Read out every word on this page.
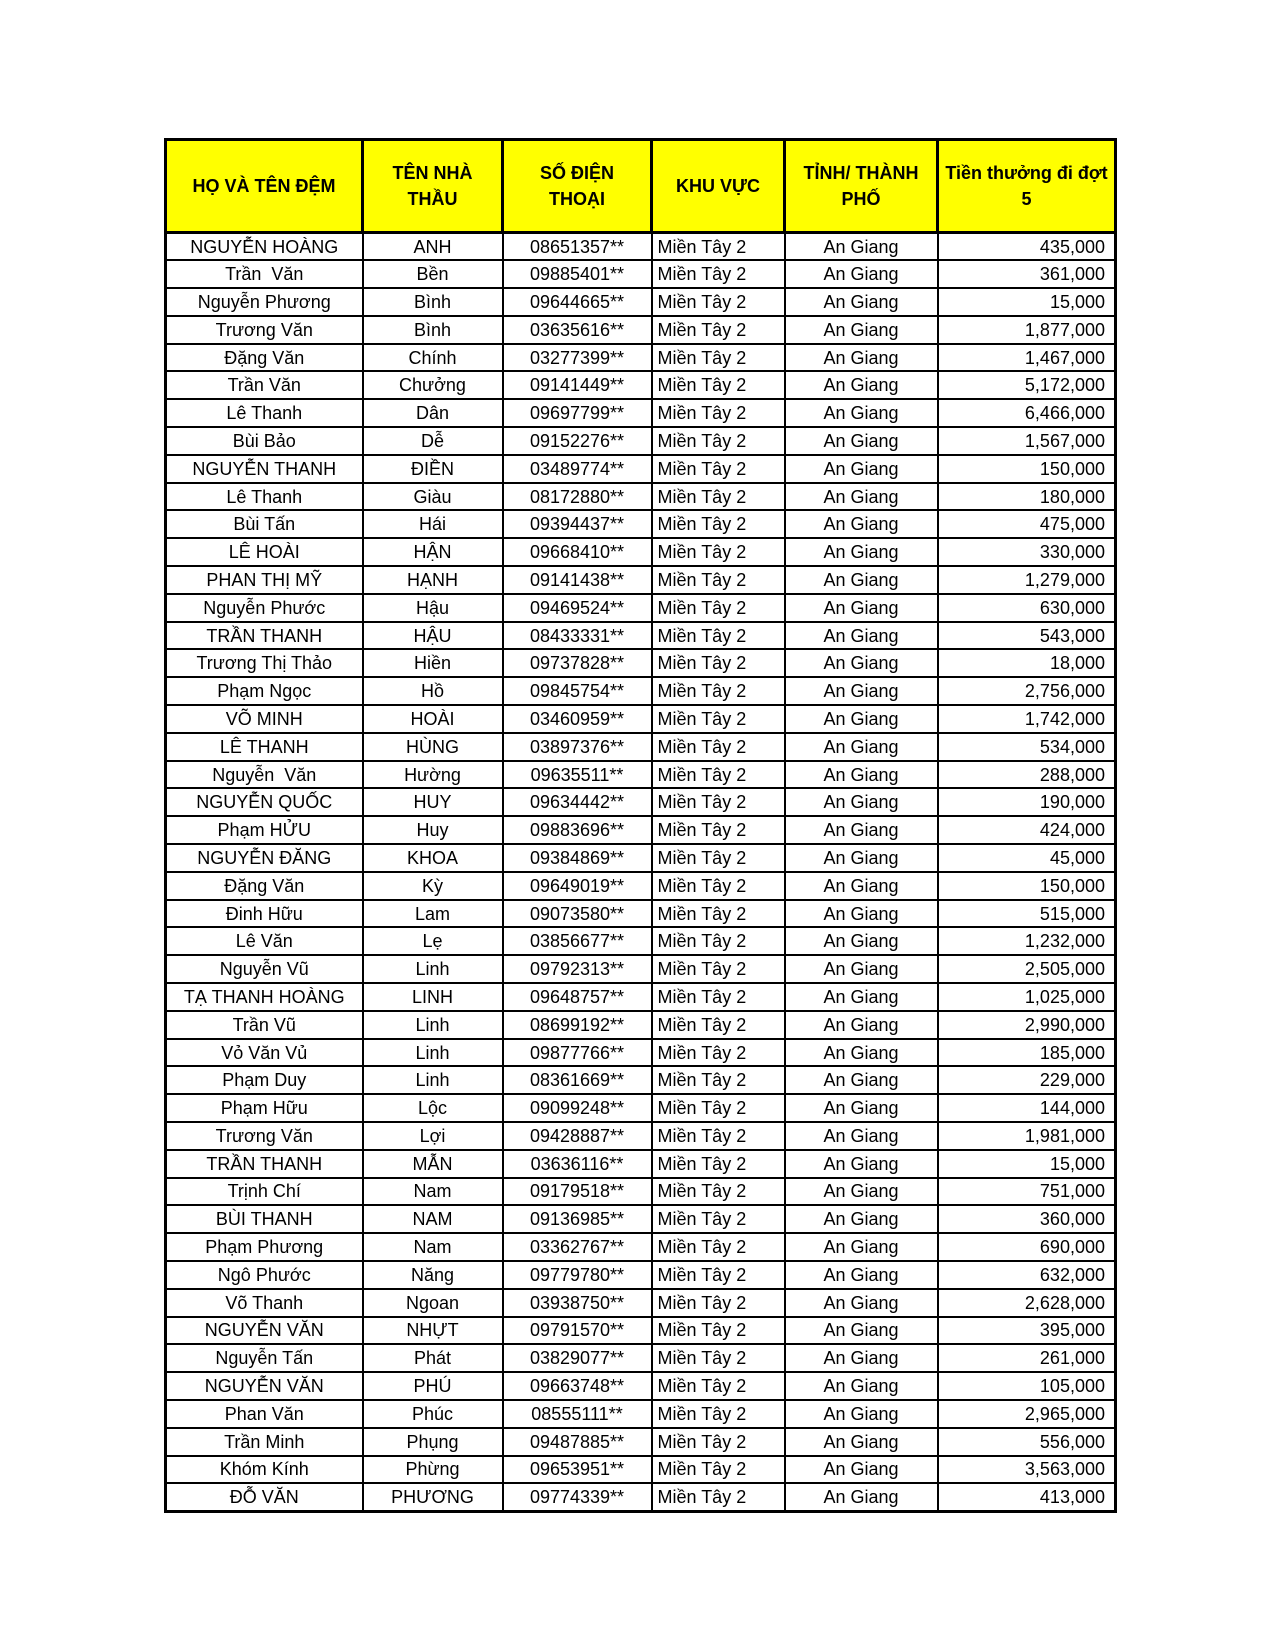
HỌ VÀ TÊN ĐỆM	TÊN NHÀ THẦU	SỐ ĐIỆN THOẠI	KHU VỰC	TỈNH/ THÀNH PHỐ	Tiền thưởng đi đợt 5
NGUYỄN HOÀNG	ANH	08651357**	Miền Tây 2	An Giang	435,000
Trần  Văn	Bền	09885401**	Miền Tây 2	An Giang	361,000
Nguyễn Phương	Bình	09644665**	Miền Tây 2	An Giang	15,000
Trương Văn	Bình	03635616**	Miền Tây 2	An Giang	1,877,000
Đặng Văn	Chính	03277399**	Miền Tây 2	An Giang	1,467,000
Trần Văn	Chưởng	09141449**	Miền Tây 2	An Giang	5,172,000
Lê Thanh	Dân	09697799**	Miền Tây 2	An Giang	6,466,000
Bùi Bảo	Dễ	09152276**	Miền Tây 2	An Giang	1,567,000
NGUYỄN THANH	ĐIỀN	03489774**	Miền Tây 2	An Giang	150,000
Lê Thanh	Giàu	08172880**	Miền Tây 2	An Giang	180,000
Bùi Tấn	Hái	09394437**	Miền Tây 2	An Giang	475,000
LÊ HOÀI	HẬN	09668410**	Miền Tây 2	An Giang	330,000
PHAN THỊ MỸ	HẠNH	09141438**	Miền Tây 2	An Giang	1,279,000
Nguyễn Phước	Hậu	09469524**	Miền Tây 2	An Giang	630,000
TRẦN THANH	HẬU	08433331**	Miền Tây 2	An Giang	543,000
Trương Thị Thảo	Hiền	09737828**	Miền Tây 2	An Giang	18,000
Phạm Ngọc	Hồ	09845754**	Miền Tây 2	An Giang	2,756,000
VÕ MINH	HOÀI	03460959**	Miền Tây 2	An Giang	1,742,000
LÊ THANH	HÙNG	03897376**	Miền Tây 2	An Giang	534,000
Nguyễn  Văn	Hường	09635511**	Miền Tây 2	An Giang	288,000
NGUYỄN QUỐC	HUY	09634442**	Miền Tây 2	An Giang	190,000
Phạm HỬU	Huy	09883696**	Miền Tây 2	An Giang	424,000
NGUYỄN ĐĂNG	KHOA	09384869**	Miền Tây 2	An Giang	45,000
Đặng Văn	Kỳ	09649019**	Miền Tây 2	An Giang	150,000
Đinh Hữu	Lam	09073580**	Miền Tây 2	An Giang	515,000
Lê Văn	Lẹ	03856677**	Miền Tây 2	An Giang	1,232,000
Nguyễn Vũ	Linh	09792313**	Miền Tây 2	An Giang	2,505,000
TẠ THANH HOÀNG	LINH	09648757**	Miền Tây 2	An Giang	1,025,000
Trần Vũ	Linh	08699192**	Miền Tây 2	An Giang	2,990,000
Vỏ Văn Vủ	Linh	09877766**	Miền Tây 2	An Giang	185,000
Phạm Duy	Linh	08361669**	Miền Tây 2	An Giang	229,000
Phạm Hữu	Lộc	09099248**	Miền Tây 2	An Giang	144,000
Trương Văn	Lợi	09428887**	Miền Tây 2	An Giang	1,981,000
TRẦN THANH	MẪN	03636116**	Miền Tây 2	An Giang	15,000
Trịnh Chí	Nam	09179518**	Miền Tây 2	An Giang	751,000
BÙI THANH	NAM	09136985**	Miền Tây 2	An Giang	360,000
Phạm Phương	Nam	03362767**	Miền Tây 2	An Giang	690,000
Ngô Phước	Năng	09779780**	Miền Tây 2	An Giang	632,000
Võ Thanh	Ngoan	03938750**	Miền Tây 2	An Giang	2,628,000
NGUYỄN VĂN	NHỰT	09791570**	Miền Tây 2	An Giang	395,000
Nguyễn Tấn	Phát	03829077**	Miền Tây 2	An Giang	261,000
NGUYỄN VĂN	PHÚ	09663748**	Miền Tây 2	An Giang	105,000
Phan Văn	Phúc	08555111**	Miền Tây 2	An Giang	2,965,000
Trần Minh	Phụng	09487885**	Miền Tây 2	An Giang	556,000
Khóm Kính	Phừng	09653951**	Miền Tây 2	An Giang	3,563,000
ĐỖ VĂN	PHƯƠNG	09774339**	Miền Tây 2	An Giang	413,000
